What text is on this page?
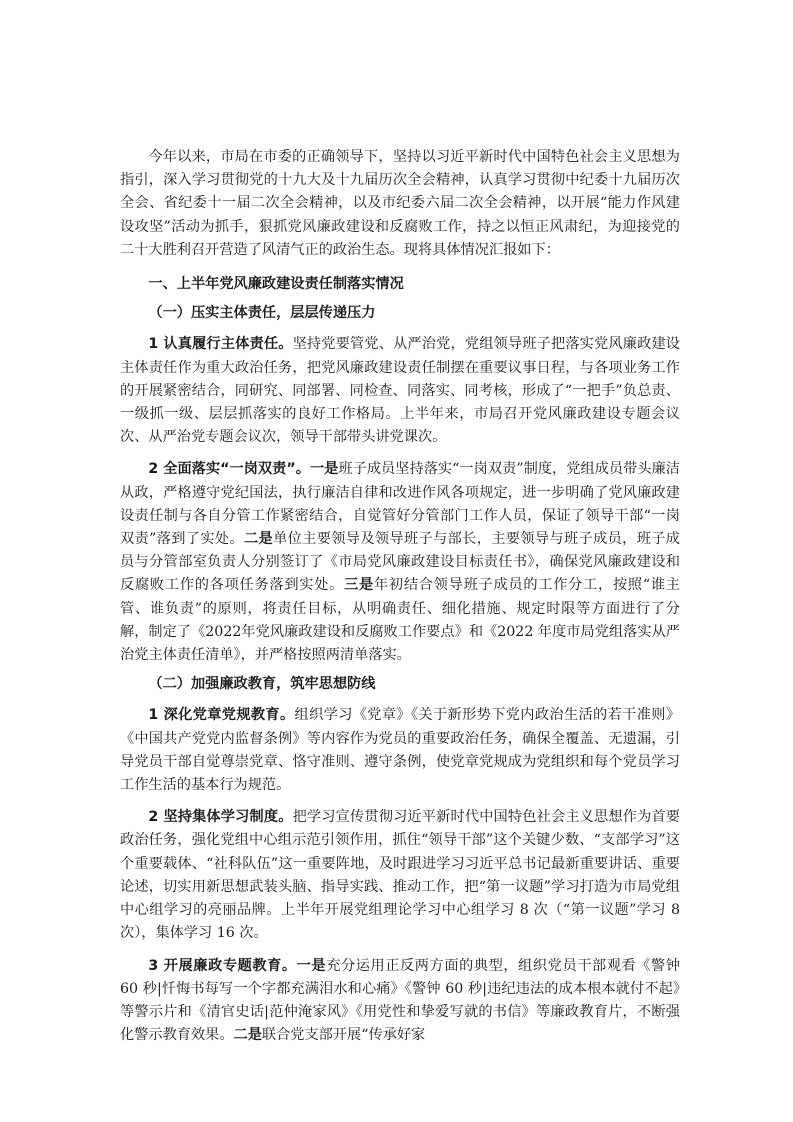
今年以来，市局在市委的正确领导下，坚持以习近平新时代中国特色社会主义思想为指引，深入学习贯彻党的十九大及十九届历次全会精神，认真学习贯彻中纪委十九届历次全会、省纪委十一届二次全会精神，以及市纪委六届二次全会精神，以开展“能力作风建设攻坚”活动为抓手，狠抓党风廉政建设和反腐败工作，持之以恒正风肃纪，为迎接党的二十大胜利召开营造了风清气正的政治生态。现将具体情况汇报如下：

一、上半年党风廉政建设责任制落实情况

（一）压实主体责任，层层传递压力

1 认真履行主体责任。坚持党要管党、从严治党，党组领导班子把落实党风廉政建设主体责任作为重大政治任务，把党风廉政建设责任制摆在重要议事日程，与各项业务工作的开展紧密结合，同研究、同部署、同检查、同落实、同考核，形成了“一把手”负总责、一级抓一级、层层抓落实的良好工作格局。上半年来，市局召开党风廉政建设专题会议次、从严治党专题会议次，领导干部带头讲党课次。

2 全面落实“一岗双责”。一是班子成员坚持落实“一岗双责”制度，党组成员带头廉洁从政，严格遵守党纪国法，执行廉洁自律和改进作风各项规定，进一步明确了党风廉政建设责任制与各自分管工作紧密结合，自觉管好分管部门工作人员，保证了领导干部“一岗双责”落到了实处。二是单位主要领导及领导班子与部长，主要领导与班子成员，班子成员与分管部室负责人分别签订了《市局党风廉政建设目标责任书》，确保党风廉政建设和反腐败工作的各项任务落到实处。三是年初结合领导班子成员的工作分工，按照“谁主管、谁负责”的原则，将责任目标，从明确责任、细化措施、规定时限等方面进行了分解，制定了《2022年党风廉政建设和反腐败工作要点》和《2022 年度市局党组落实从严治党主体责任清单》，并严格按照两清单落实。

（二）加强廉政教育，筑牢思想防线

1 深化党章党规教育。组织学习《党章》《关于新形势下党内政治生活的若干准则》《中国共产党党内监督条例》等内容作为党员的重要政治任务，确保全覆盖、无遗漏，引导党员干部自觉尊崇党章、恪守准则、遵守条例，使党章党规成为党组织和每个党员学习工作生活的基本行为规范。

2 坚持集体学习制度。把学习宣传贯彻习近平新时代中国特色社会主义思想作为首要政治任务，强化党组中心组示范引领作用，抓住“领导干部”这个关键少数、“支部学习”这个重要载体、“社科队伍”这一重要阵地，及时跟进学习习近平总书记最新重要讲话、重要论述，切实用新思想武装头脑、指导实践、推动工作，把“第一议题”学习打造为市局党组中心组学习的亮丽品牌。上半年开展党组理论学习中心组学习 8 次（“第一议题”学习 8 次），集体学习 16 次。

3 开展廉政专题教育。一是充分运用正反两方面的典型，组织党员干部观看《警钟 60 秒|忏悔书每写一个字都充满泪水和心痛》《警钟 60 秒|违纪违法的成本根本就付不起》等警示片和《清官史话|范仲淹家风》《用党性和挚爱写就的书信》等廉政教育片，不断强化警示教育效果。二是联合党支部开展“传承好家
